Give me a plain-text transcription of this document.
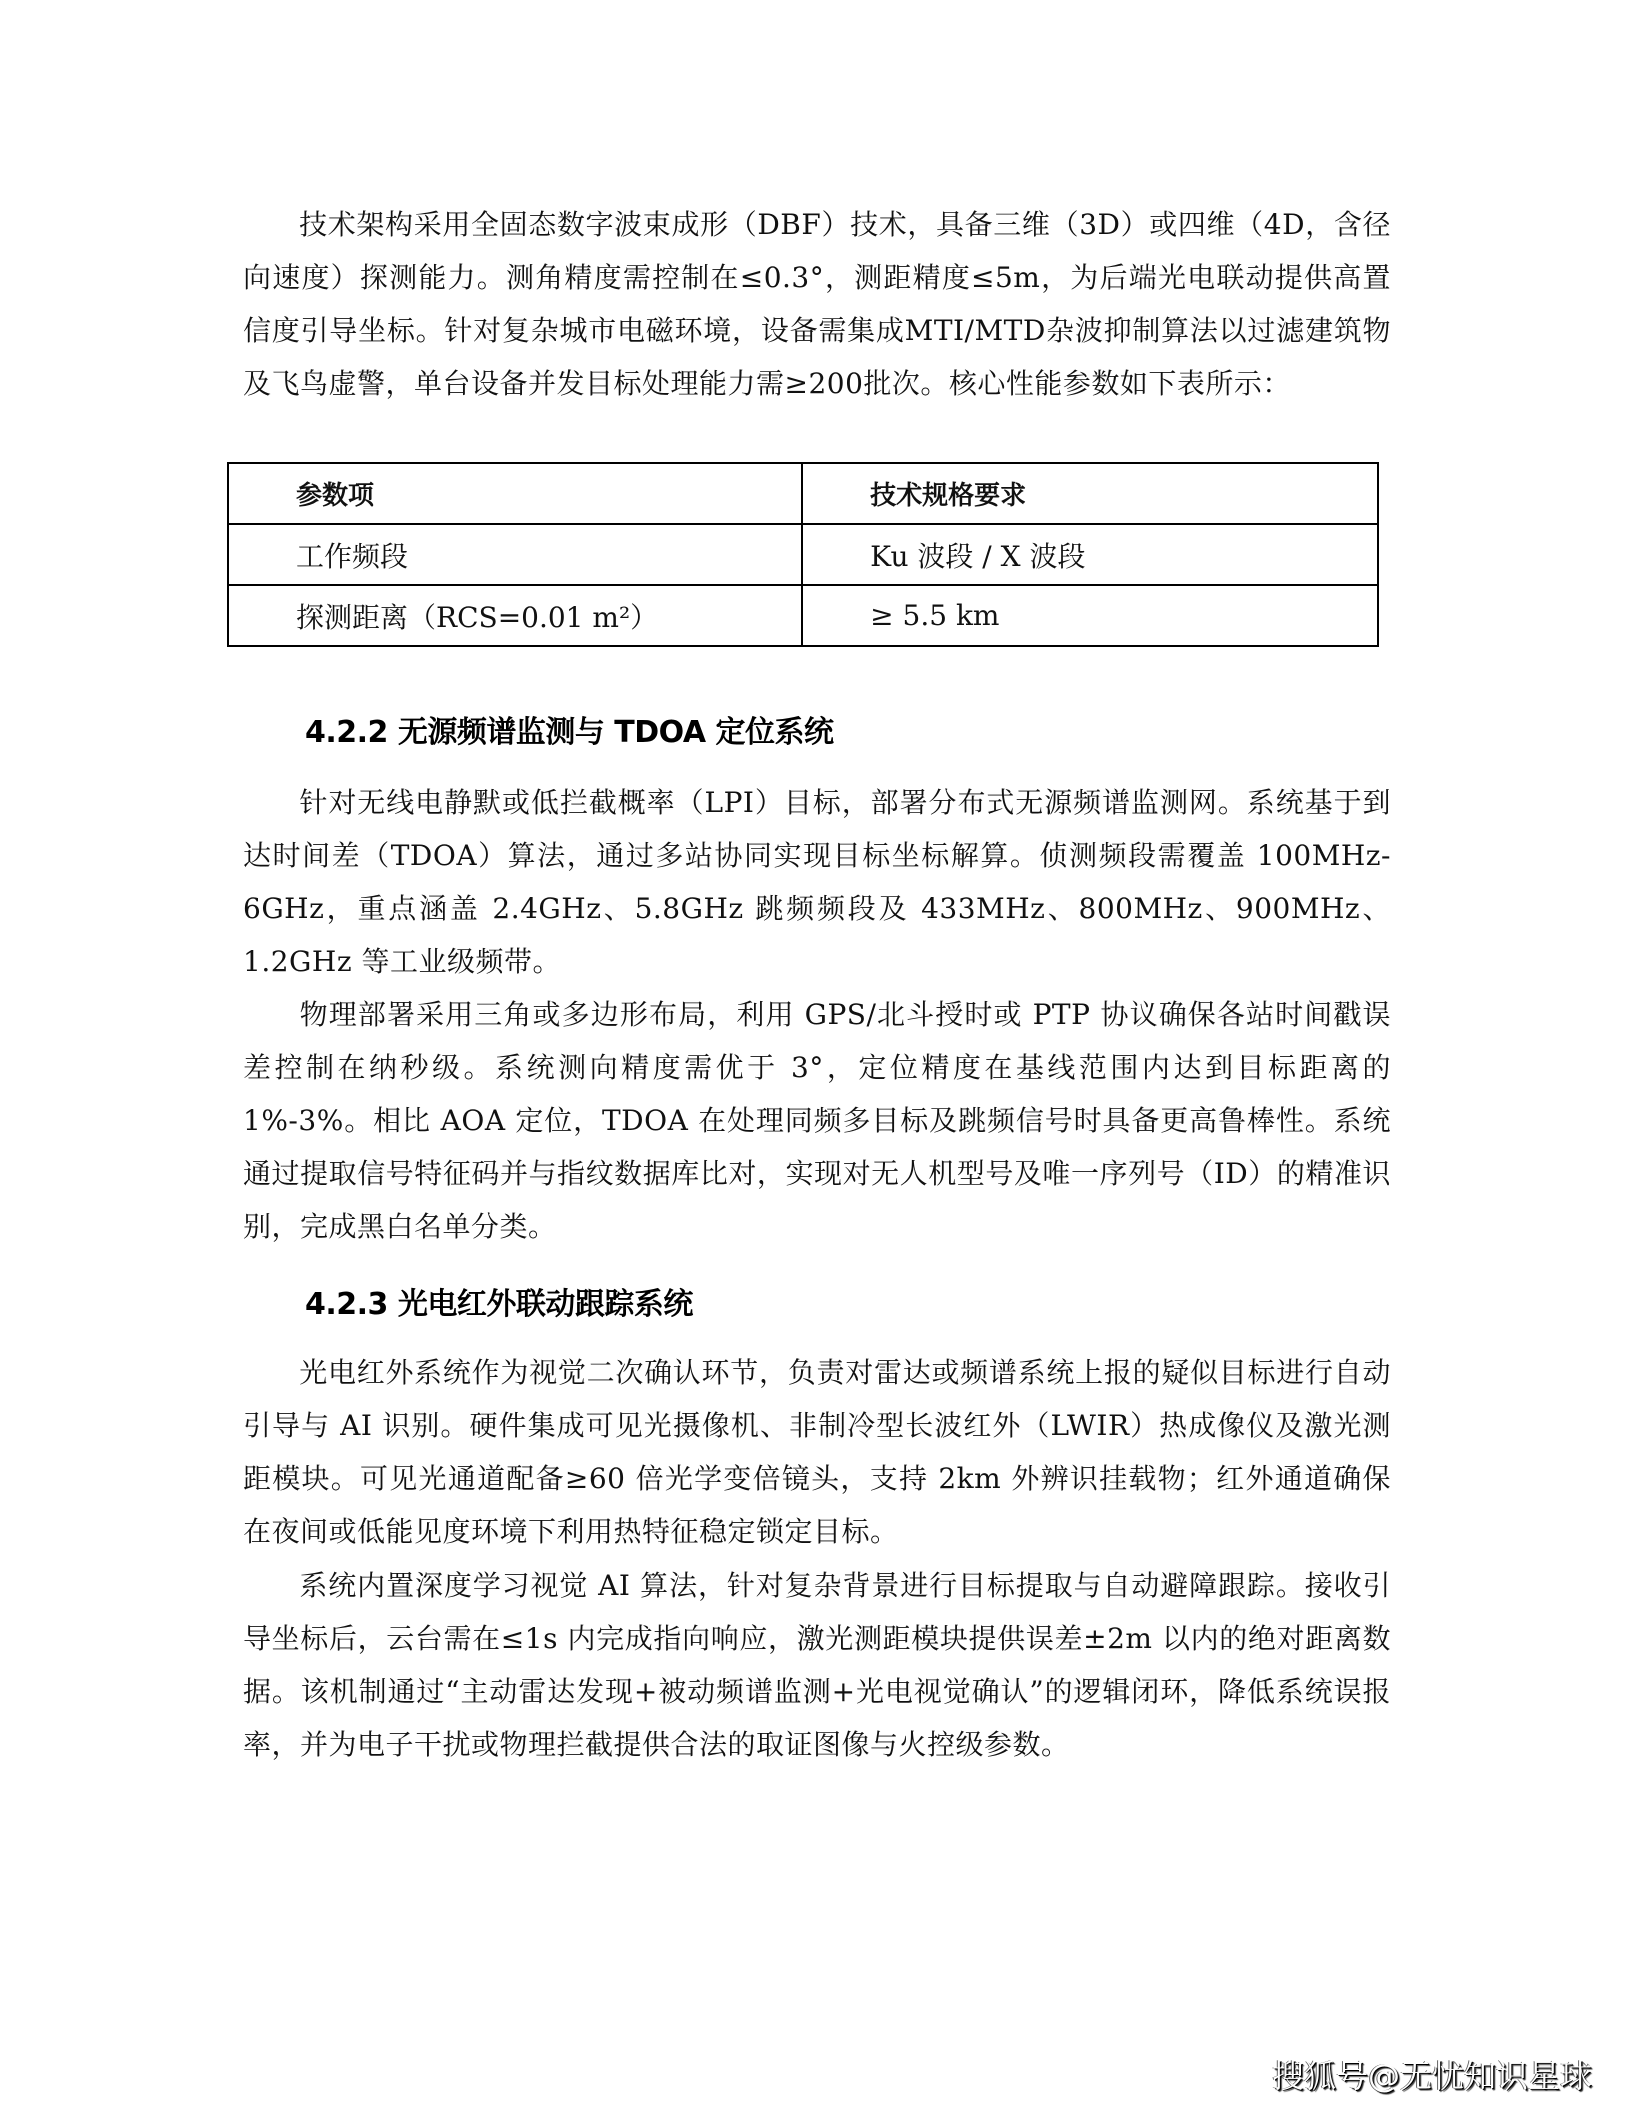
技术架构采用全固态数字波束成形（DBF）技术，具备三维（3D）或四维（4D，含径向速度）探测能力。测角精度需控制在≤0.3°，测距精度≤5m，为后端光电联动提供高置信度引导坐标。针对复杂城市电磁环境，设备需集成MTI/MTD杂波抑制算法以过滤建筑物及飞鸟虚警，单台设备并发目标处理能力需≥200批次。核心性能参数如下表所示：

参数项	技术规格要求
工作频段	Ku 波段 / X 波段
探测距离（RCS=0.01 m²）	≥ 5.5 km
4.2.2 无源频谱监测与 TDOA 定位系统

针对无线电静默或低拦截概率（LPI）目标，部署分布式无源频谱监测网。系统基于到达时间差（TDOA）算法，通过多站协同实现目标坐标解算。侦测频段需覆盖 100MHz-6GHz，重点涵盖 2.4GHz、5.8GHz 跳频频段及 433MHz、800MHz、900MHz、1.2GHz 等工业级频带。

物理部署采用三角或多边形布局，利用 GPS/北斗授时或 PTP 协议确保各站时间戳误差控制在纳秒级。系统测向精度需优于 3°，定位精度在基线范围内达到目标距离的 1%-3%。相比 AOA 定位，TDOA 在处理同频多目标及跳频信号时具备更高鲁棒性。系统通过提取信号特征码并与指纹数据库比对，实现对无人机型号及唯一序列号（ID）的精准识别，完成黑白名单分类。

4.2.3 光电红外联动跟踪系统

光电红外系统作为视觉二次确认环节，负责对雷达或频谱系统上报的疑似目标进行自动引导与 AI 识别。硬件集成可见光摄像机、非制冷型长波红外（LWIR）热成像仪及激光测距模块。可见光通道配备≥60 倍光学变倍镜头，支持 2km 外辨识挂载物；红外通道确保在夜间或低能见度环境下利用热特征稳定锁定目标。

系统内置深度学习视觉 AI 算法，针对复杂背景进行目标提取与自动避障跟踪。接收引导坐标后，云台需在≤1s 内完成指向响应，激光测距模块提供误差±2m 以内的绝对距离数据。该机制通过“主动雷达发现+被动频谱监测+光电视觉确认”的逻辑闭环，降低系统误报率，并为电子干扰或物理拦截提供合法的取证图像与火控级参数。

搜狐号@无忧知识星球
